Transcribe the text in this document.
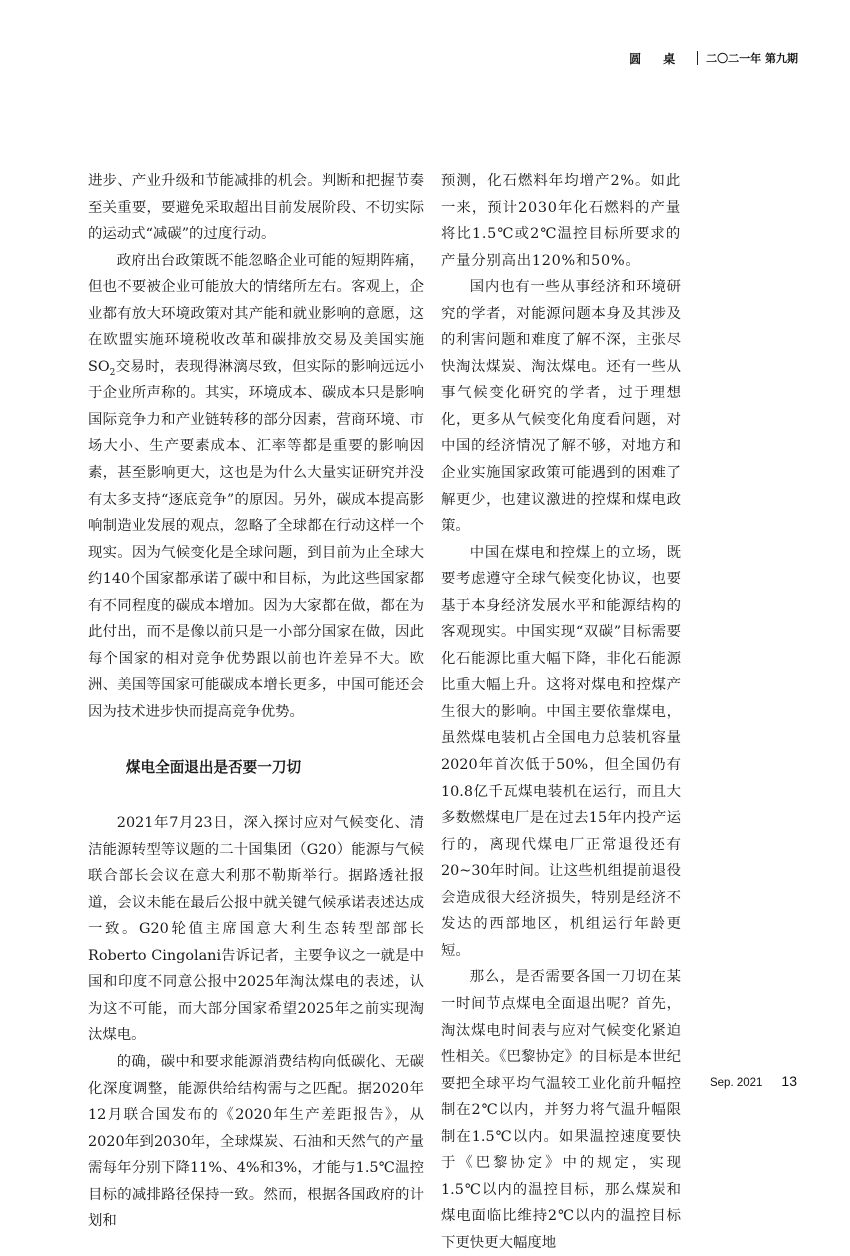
圆桌 二〇二一年 第九期

进步、产业升级和节能减排的机会。判断和把握节奏至关重要，要避免采取超出目前发展阶段、不切实际的运动式“减碳”的过度行动。

政府出台政策既不能忽略企业可能的短期阵痛，但也不要被企业可能放大的情绪所左右。客观上，企业都有放大环境政策对其产能和就业影响的意愿，这在欧盟实施环境税收改革和碳排放交易及美国实施$SO_2$交易时，表现得淋漓尽致，但实际的影响远远小于企业所声称的。其实，环境成本、碳成本只是影响国际竞争力和产业链转移的部分因素，营商环境、市场大小、生产要素成本、汇率等都是重要的影响因素，甚至影响更大，这也是为什么大量实证研究并没有太多支持“逐底竞争”的原因。另外，碳成本提高影响制造业发展的观点，忽略了全球都在行动这样一个现实。因为气候变化是全球问题，到目前为止全球大约140个国家都承诺了碳中和目标，为此这些国家都有不同程度的碳成本增加。因为大家都在做，都在为此付出，而不是像以前只是一小部分国家在做，因此每个国家的相对竞争优势跟以前也许差异不大。欧洲、美国等国家可能碳成本增长更多，中国可能还会因为技术进步快而提高竞争优势。

煤电全面退出是否要一刀切

2021年7月23日，深入探讨应对气候变化、清洁能源转型等议题的二十国集团（G20）能源与气候联合部长会议在意大利那不勒斯举行。据路透社报道，会议未能在最后公报中就关键气候承诺表述达成一致。G20轮值主席国意大利生态转型部部长Roberto Cingolani告诉记者，主要争议之一就是中国和印度不同意公报中2025年淘汰煤电的表述，认为这不可能，而大部分国家希望2025年之前实现淘汰煤电。

的确，碳中和要求能源消费结构向低碳化、无碳化深度调整，能源供给结构需与之匹配。据2020年12月联合国发布的《2020年生产差距报告》，从2020年到2030年，全球煤炭、石油和天然气的产量需每年分别下降11%、4%和3%，才能与1.5℃温控目标的减排路径保持一致。然而，根据各国政府的计划和

预测，化石燃料年均增产2%。如此一来，预计2030年化石燃料的产量将比1.5℃或2℃温控目标所要求的产量分别高出120%和50%。

国内也有一些从事经济和环境研究的学者，对能源问题本身及其涉及的利害问题和难度了解不深，主张尽快淘汰煤炭、淘汰煤电。还有一些从事气候变化研究的学者，过于理想化，更多从气候变化角度看问题，对中国的经济情况了解不够，对地方和企业实施国家政策可能遇到的困难了解更少，也建议激进的控煤和煤电政策。

中国在煤电和控煤上的立场，既要考虑遵守全球气候变化协议，也要基于本身经济发展水平和能源结构的客观现实。中国实现“双碳”目标需要化石能源比重大幅下降，非化石能源比重大幅上升。这将对煤电和控煤产生很大的影响。中国主要依靠煤电，虽然煤电装机占全国电力总装机容量2020年首次低于50%，但全国仍有10.8亿千瓦煤电装机在运行，而且大多数燃煤电厂是在过去15年内投产运行的，离现代煤电厂正常退役还有20~30年时间。让这些机组提前退役会造成很大经济损失，特别是经济不发达的西部地区，机组运行年龄更短。

那么，是否需要各国一刀切在某一时间节点煤电全面退出呢？首先，淘汰煤电时间表与应对气候变化紧迫性相关。《巴黎协定》的目标是本世纪要把全球平均气温较工业化前升幅控制在2℃以内，并努力将气温升幅限制在1.5℃以内。如果温控速度要快于《巴黎协定》中的规定，实现1.5℃以内的温控目标，那么煤炭和煤电面临比维持2℃以内的温控目标下更快更大幅度地

Sep. 2021 13
